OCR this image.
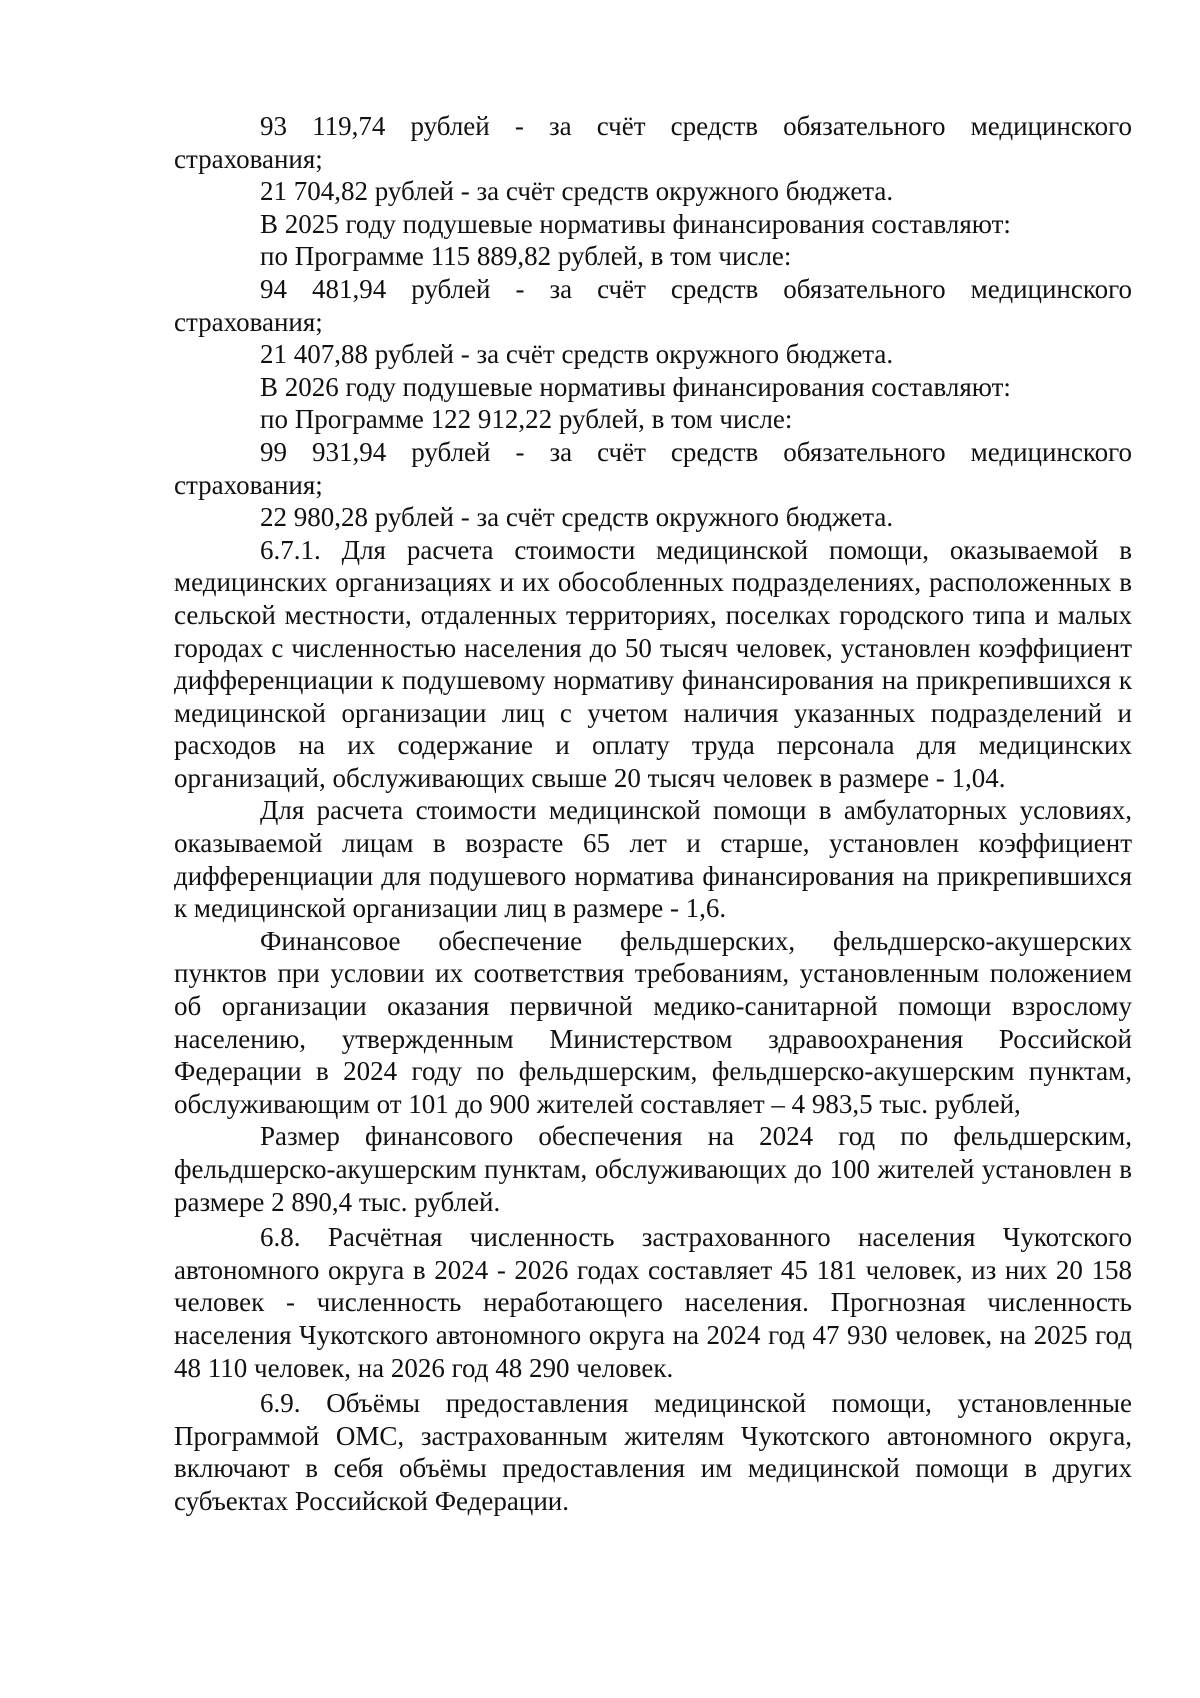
93 119,74 рублей - за счёт средств обязательного медицинского страхования;

21 704,82 рублей - за счёт средств окружного бюджета.

В 2025 году подушевые нормативы финансирования составляют:

по Программе 115 889,82 рублей, в том числе:

94 481,94 рублей - за счёт средств обязательного медицинского страхования;

21 407,88 рублей - за счёт средств окружного бюджета.

В 2026 году подушевые нормативы финансирования составляют:

по Программе 122 912,22 рублей, в том числе:

99 931,94 рублей - за счёт средств обязательного медицинского страхования;

22 980,28 рублей - за счёт средств окружного бюджета.

6.7.1. Для расчета стоимости медицинской помощи, оказываемой в медицинских организациях и их обособленных подразделениях, расположенных в сельской местности, отдаленных территориях, поселках городского типа и малых городах с численностью населения до 50 тысяч человек, установлен коэффициент дифференциации к подушевому нормативу финансирования на прикрепившихся к медицинской организации лиц с учетом наличия указанных подразделений и расходов на их содержание и оплату труда персонала для медицинских организаций, обслуживающих свыше 20 тысяч человек в размере - 1,04.

Для расчета стоимости медицинской помощи в амбулаторных условиях, оказываемой лицам в возрасте 65 лет и старше, установлен коэффициент дифференциации для подушевого норматива финансирования на прикрепившихся к медицинской организации лиц в размере - 1,6.

Финансовое обеспечение фельдшерских, фельдшерско-акушерских пунктов при условии их соответствия требованиям, установленным положением об организации оказания первичной медико-санитарной помощи взрослому населению, утвержденным Министерством здравоохранения Российской Федерации в 2024 году по фельдшерским, фельдшерско-акушерским пунктам, обслуживающим от 101 до 900 жителей составляет – 4 983,5 тыс. рублей,

Размер финансового обеспечения на 2024 год по фельдшерским, фельдшерско-акушерским пунктам, обслуживающих до 100 жителей установлен в размере 2 890,4 тыс. рублей.

6.8. Расчётная численность застрахованного населения Чукотского автономного округа в 2024 - 2026 годах составляет 45 181 человек, из них 20 158 человек - численность неработающего населения. Прогнозная численность населения Чукотского автономного округа на 2024 год 47 930 человек, на 2025 год 48 110 человек, на 2026 год 48 290 человек.

6.9. Объёмы предоставления медицинской помощи, установленные Программой ОМС, застрахованным жителям Чукотского автономного округа, включают в себя объёмы предоставления им медицинской помощи в других субъектах Российской Федерации.
